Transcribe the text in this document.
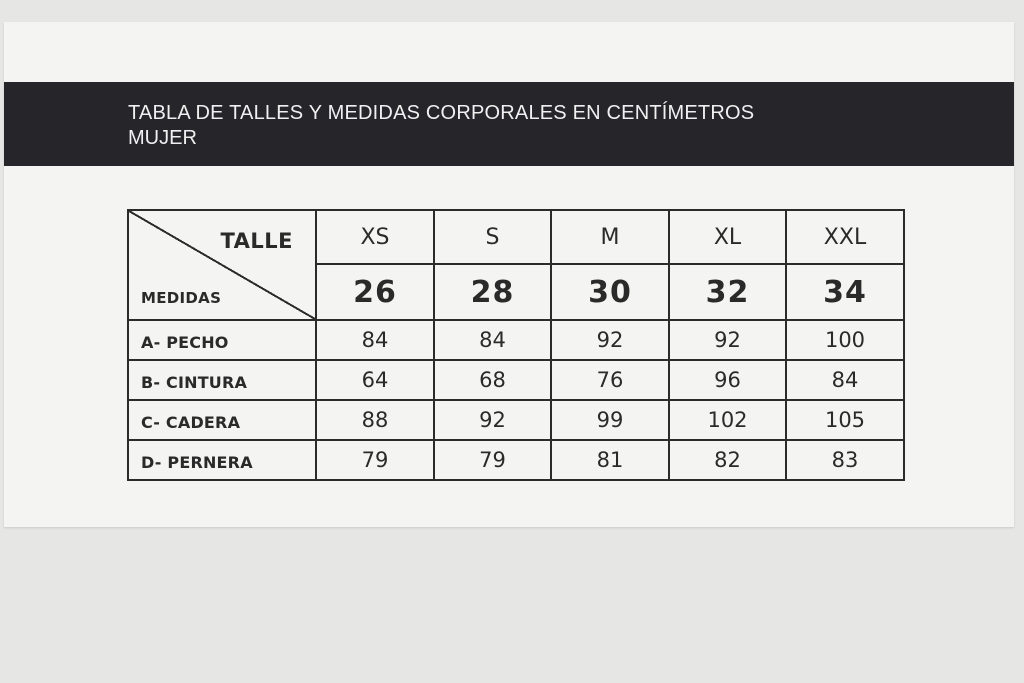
TABLA DE TALLES Y MEDIDAS CORPORALES EN CENTÍMETROS
MUJER
TALLE
MEDIDAS	XS	S	M	XL	XXL
	26	28	30	32	34
A- PECHO	84	84	92	92	100
B- CINTURA	64	68	76	96	84
C- CADERA	88	92	99	102	105
D- PERNERA	79	79	81	82	83
